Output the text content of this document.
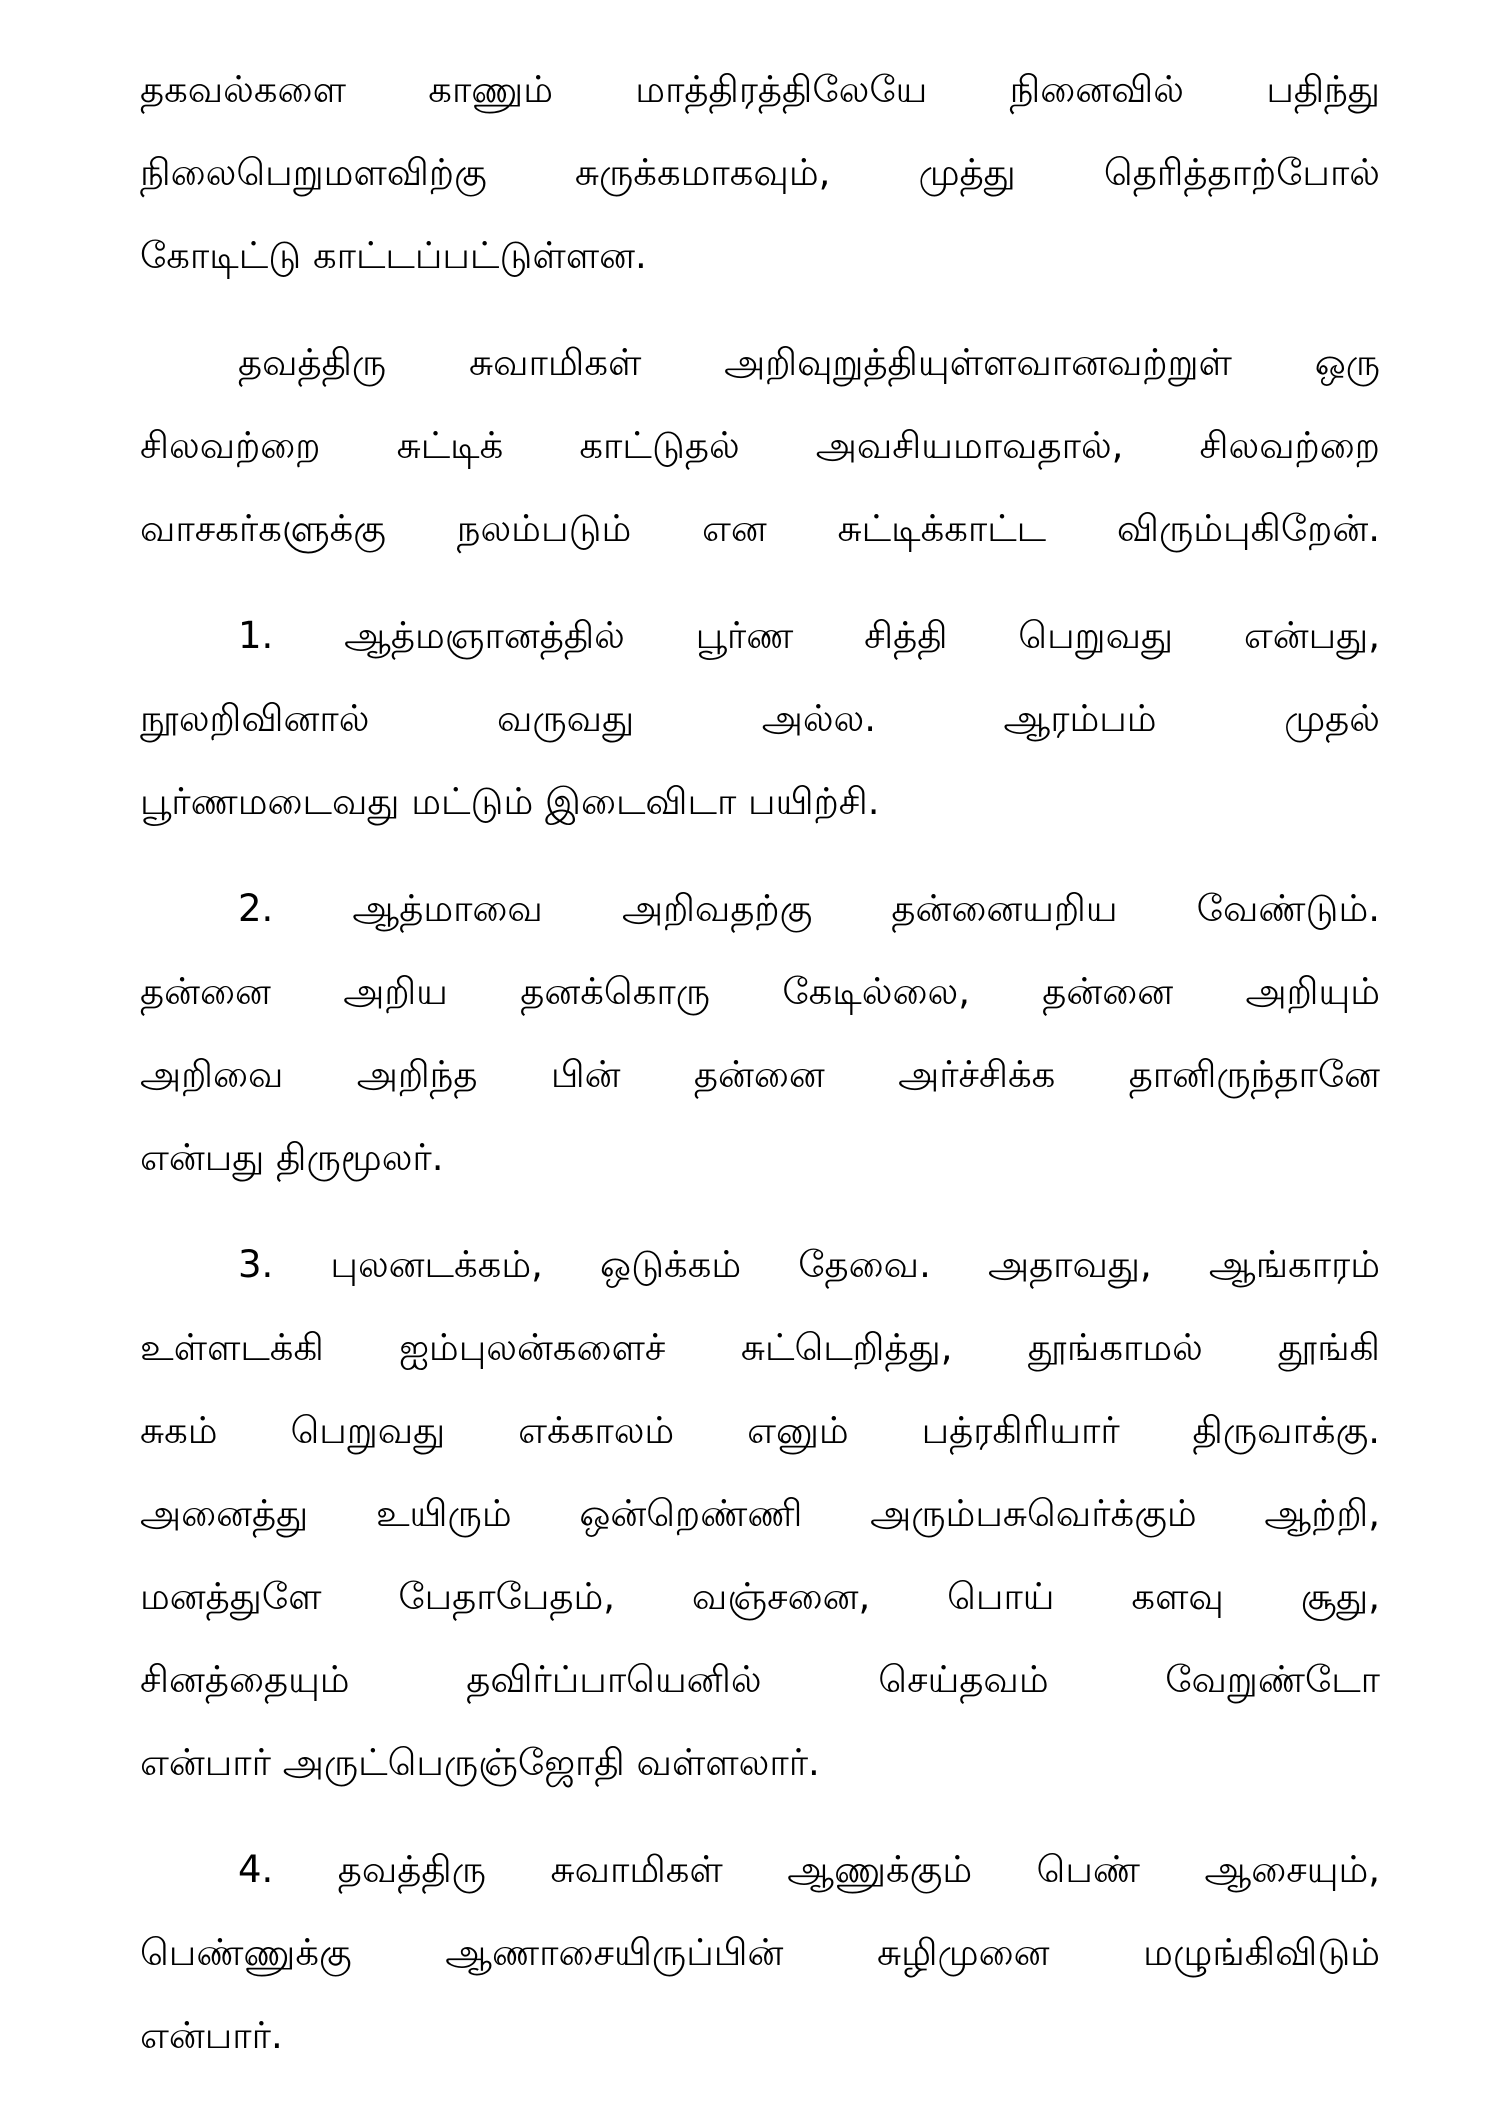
தகவல்களை காணும் மாத்திரத்திலேயே நினைவில் பதிந்து
நிலைபெறுமளவிற்கு சுருக்கமாகவும், முத்து தெரித்தாற்போல்
கோடிட்டு காட்டப்பட்டுள்ளன.
தவத்திரு சுவாமிகள் அறிவுறுத்தியுள்ளவானவற்றுள் ஒரு
சிலவற்றை சுட்டிக் காட்டுதல் அவசியமாவதால், சிலவற்றை
வாசகர்களுக்கு நலம்படும் என சுட்டிக்காட்ட விரும்புகிறேன்.
1. ஆத்மஞானத்தில் பூர்ண சித்தி பெறுவது என்பது,
நூலறிவினால் வருவது அல்ல. ஆரம்பம் முதல்
பூர்ணமடைவது மட்டும் இடைவிடா பயிற்சி.
2. ஆத்மாவை அறிவதற்கு தன்னையறிய வேண்டும்.
தன்னை அறிய தனக்கொரு கேடில்லை, தன்னை அறியும்
அறிவை அறிந்த பின் தன்னை அர்ச்சிக்க தானிருந்தானே
என்பது திருமூலர்.
3. புலனடக்கம், ஒடுக்கம் தேவை. அதாவது, ஆங்காரம்
உள்ளடக்கி ஐம்புலன்களைச் சுட்டெறித்து, தூங்காமல் தூங்கி
சுகம் பெறுவது எக்காலம் எனும் பத்ரகிரியார் திருவாக்கு.
அனைத்து உயிரும் ஒன்றெண்ணி அரும்பசுவெர்க்கும் ஆற்றி,
மனத்துளே பேதாபேதம், வஞ்சனை, பொய் களவு சூது,
சினத்தையும் தவிர்ப்பாயெனில் செய்தவம் வேறுண்டோ
என்பார் அருட்பெருஞ்ஜோதி வள்ளலார்.
4. தவத்திரு சுவாமிகள் ஆணுக்கும் பெண் ஆசையும்,
பெண்ணுக்கு ஆணாசையிருப்பின் சுழிமுனை மழுங்கிவிடும்
என்பார்.
